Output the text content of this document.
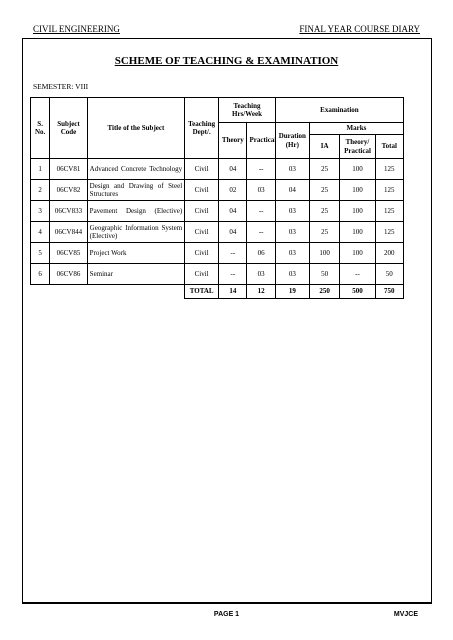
CIVIL ENGINEERING	FINAL YEAR COURSE DIARY
SCHEME OF TEACHING & EXAMINATION
SEMESTER: VIII
S. No.	Subject Code	Title of the Subject	Teaching Dept/.	Teaching Hrs/Week		Examination			
				Theory	Practical	Duration (Hr)	Marks		
							IA	Theory/ Practical	Total
1	06CV81	Advanced Concrete Technology	Civil	04	--	03	25	100	125
2	06CV82	Design and Drawing of Steel Structures	Civil	02	03	04	25	100	125
3	06CV833	Pavement Design (Elective)	Civil	04	--	03	25	100	125
4	06CV844	Geographic Information System (Elective)	Civil	04	--	03	25	100	125
5	06CV85	Project Work	Civil	--	06	03	100	100	200
6	06CV86	Seminar	Civil	--	03	03	50	--	50
			TOTAL	14	12	19	250	500	750
PAGE 1	MVJCE
